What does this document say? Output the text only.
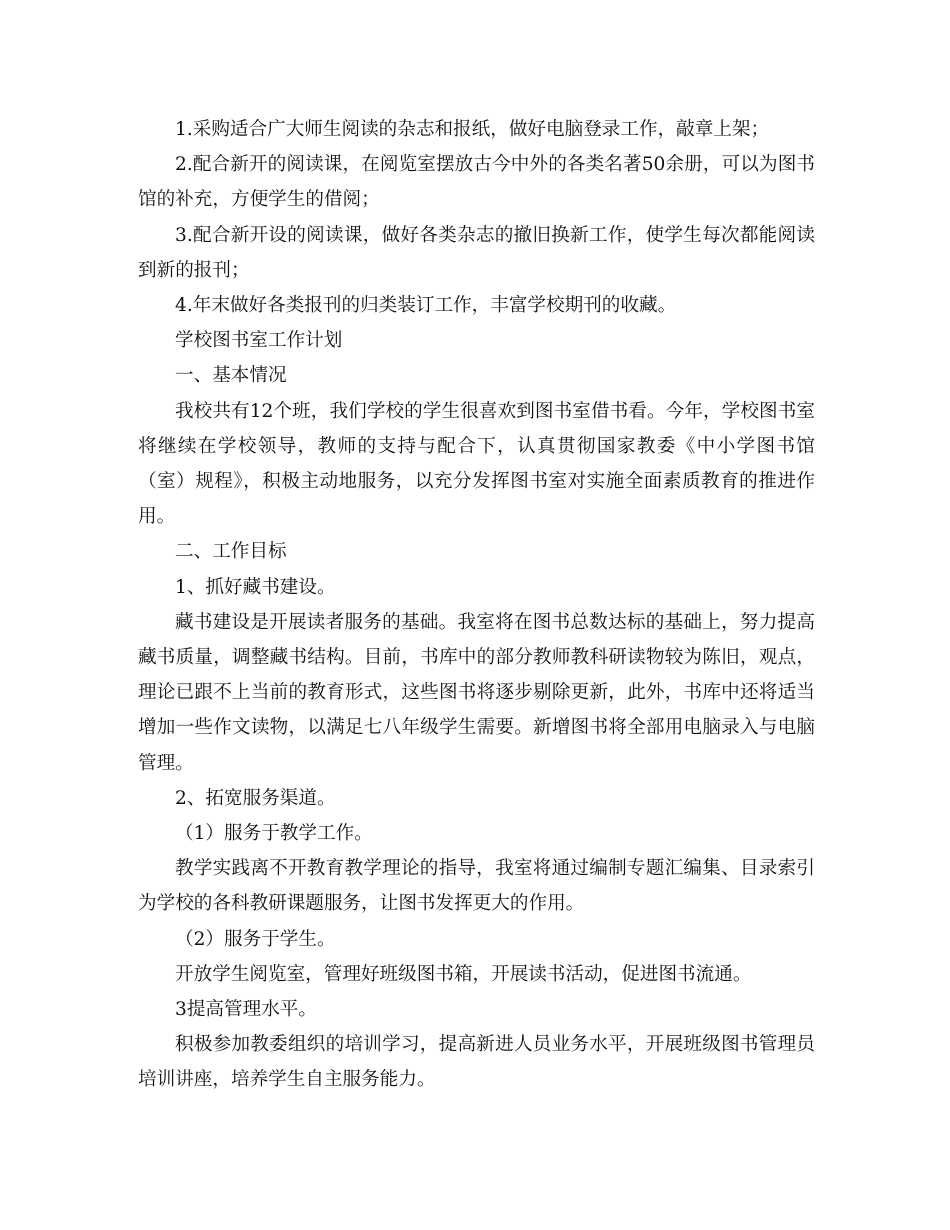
1.采购适合广大师生阅读的杂志和报纸，做好电脑登录工作，敲章上架；

2.配合新开的阅读课，在阅览室摆放古今中外的各类名著50余册，可以为图书馆的补充，方便学生的借阅；

3.配合新开设的阅读课，做好各类杂志的撤旧换新工作，使学生每次都能阅读到新的报刊；

4.年末做好各类报刊的归类装订工作，丰富学校期刊的收藏。

学校图书室工作计划

一、基本情况

我校共有12个班，我们学校的学生很喜欢到图书室借书看。今年，学校图书室将继续在学校领导，教师的支持与配合下，认真贯彻国家教委《中小学图书馆（室）规程》，积极主动地服务，以充分发挥图书室对实施全面素质教育的推进作用。

二、工作目标

1、抓好藏书建设。

藏书建设是开展读者服务的基础。我室将在图书总数达标的基础上，努力提高藏书质量，调整藏书结构。目前，书库中的部分教师教科研读物较为陈旧，观点，理论已跟不上当前的教育形式，这些图书将逐步剔除更新，此外，书库中还将适当增加一些作文读物，以满足七八年级学生需要。新增图书将全部用电脑录入与电脑管理。

2、拓宽服务渠道。

（1）服务于教学工作。

教学实践离不开教育教学理论的指导，我室将通过编制专题汇编集、目录索引为学校的各科教研课题服务，让图书发挥更大的作用。

（2）服务于学生。

开放学生阅览室，管理好班级图书箱，开展读书活动，促进图书流通。

3提高管理水平。

积极参加教委组织的培训学习，提高新进人员业务水平，开展班级图书管理员培训讲座，培养学生自主服务能力。
